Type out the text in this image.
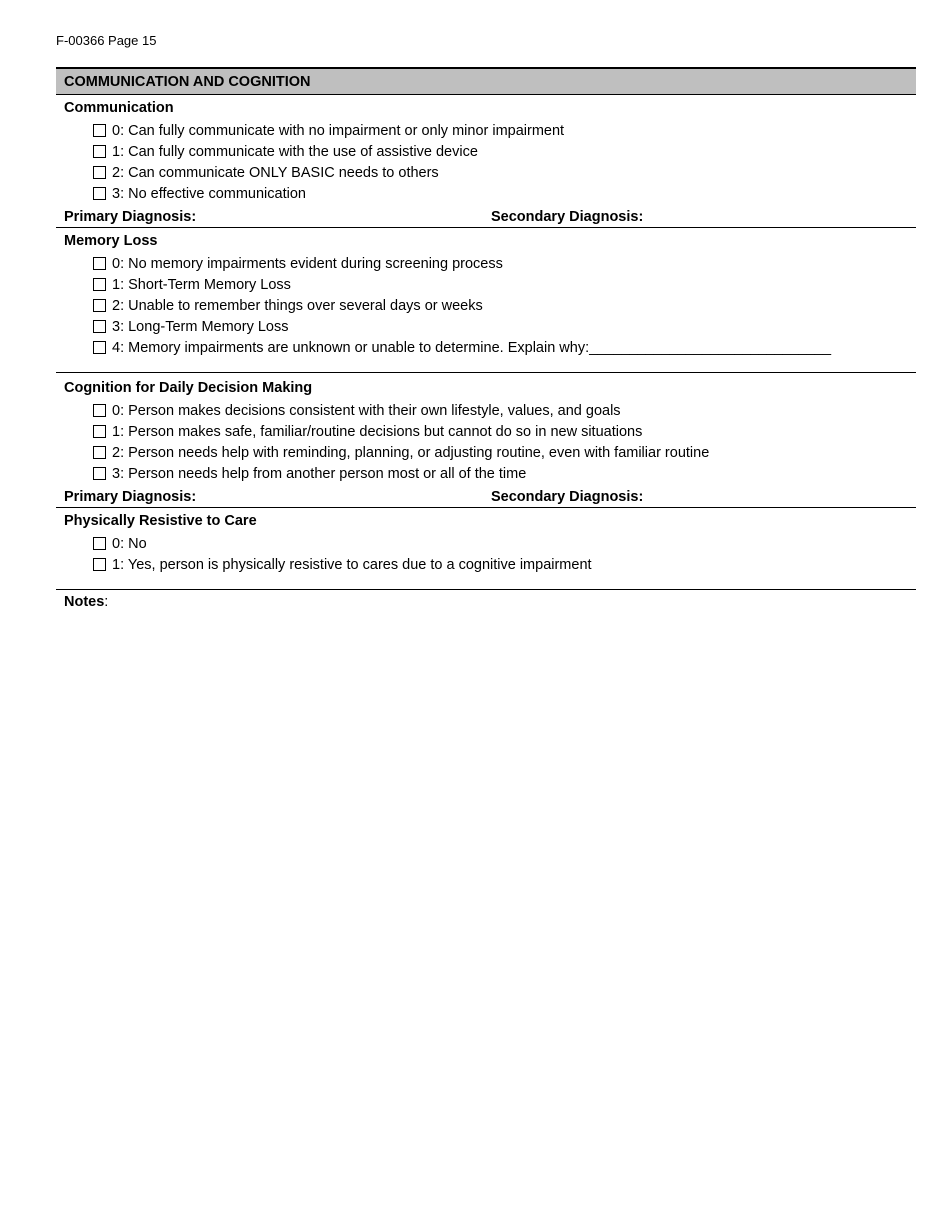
F-00366 Page 15
COMMUNICATION AND COGNITION
Communication
0: Can fully communicate with no impairment or only minor impairment
1: Can fully communicate with the use of assistive device
2: Can communicate ONLY BASIC needs to others
3: No effective communication
Primary Diagnosis:	Secondary Diagnosis:
Memory Loss
0: No memory impairments evident during screening process
1: Short-Term Memory Loss
2: Unable to remember things over several days or weeks
3: Long-Term Memory Loss
4: Memory impairments are unknown or unable to determine. Explain why:______________________________
Cognition for Daily Decision Making
0: Person makes decisions consistent with their own lifestyle, values, and goals
1: Person makes safe, familiar/routine decisions but cannot do so in new situations
2: Person needs help with reminding, planning, or adjusting routine, even with familiar routine
3: Person needs help from another person most or all of the time
Primary Diagnosis:	Secondary Diagnosis:
Physically Resistive to Care
0: No
1: Yes, person is physically resistive to cares due to a cognitive impairment
Notes:
